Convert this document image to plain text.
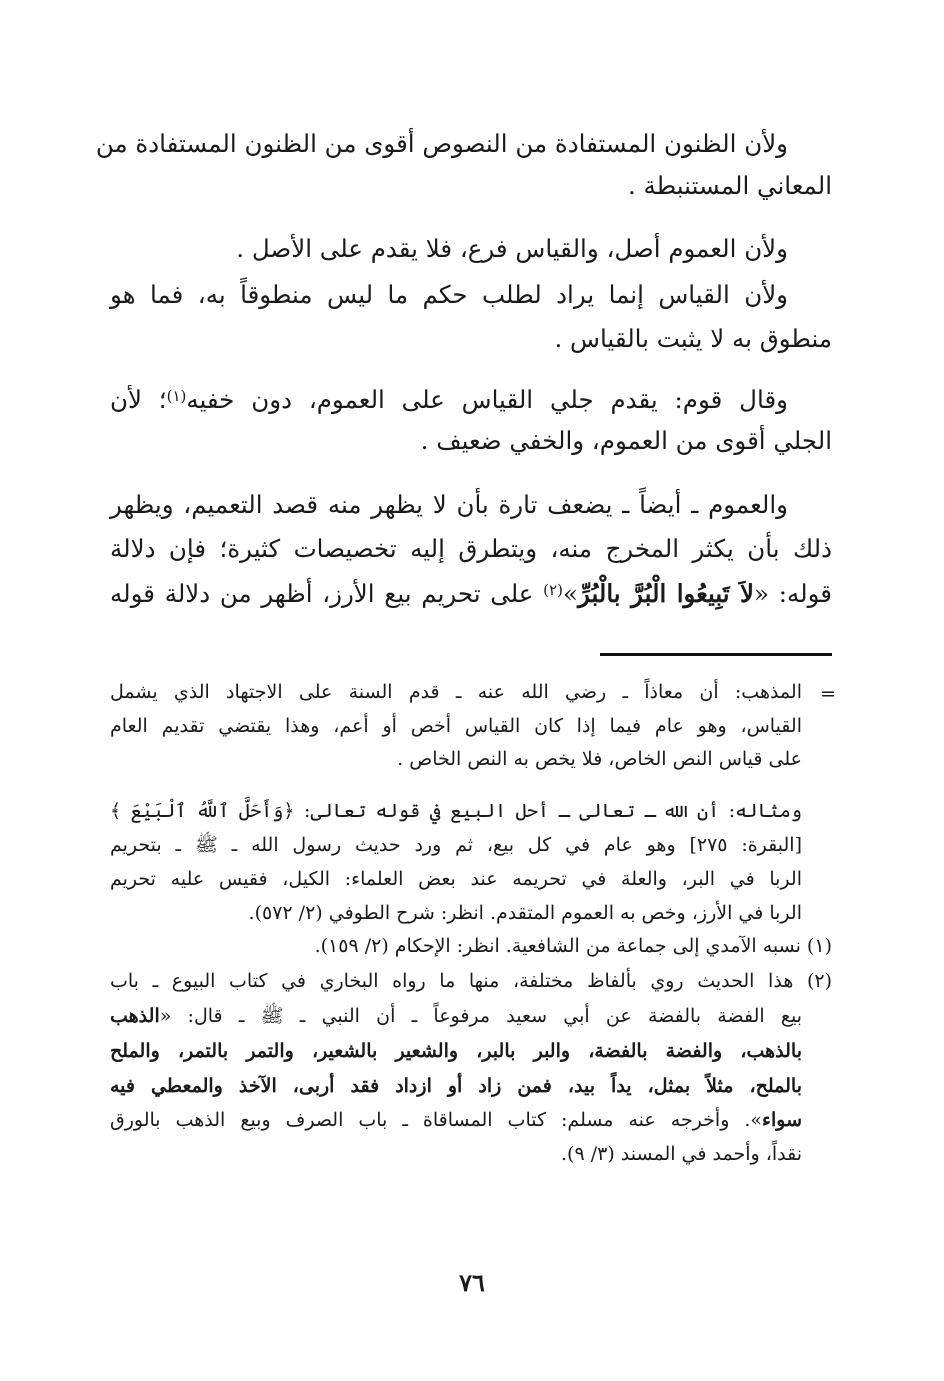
ولأن الظنون المستفادة من النصوص أقوى من الظنون المستفادة من
المعاني المستنبطة .
ولأن العموم أصل، والقياس فرع، فلا يقدم على الأصل .
ولأن القياس إنما يراد لطلب حكم ما ليس منطوقاً به، فما هو
منطوق به لا يثبت بالقياس .
وقال قوم: يقدم جلي القياس على العموم، دون خفيه$^{(١)}$؛ لأن
الجلي أقوى من العموم، والخفي ضعيف .
والعموم ـ أيضاً ـ يضعف تارة بأن لا يظهر منه قصد التعميم، ويظهر
ذلك بأن يكثر المخرج منه، ويتطرق إليه تخصيصات كثيرة؛ فإن دلالة
قوله: «لاَ تَبِيعُوا الْبُرَّ بالْبُرِّ»$^{(٢)}$ على تحريم بيع الأرز، أظهر من دلالة قوله
المذهب: أن معاذاً ـ رضي الله عنه ـ قدم السنة على الاجتهاد الذي يشمل =
القياس، وهو عام فيما إذا كان القياس أخص أو أعم، وهذا يقتضي تقديم العام
على قياس النص الخاص، فلا يخص به النص الخاص .
ومثاله: أن الله ـ تعالى ـ أحل البيع في قوله تعالى: ﴿وَأَحَلَّ ٱللَّهُ ٱلْبَيْعَ ﴾
[البقرة: ٢٧٥] وهو عام في كل بيع، ثم ورد حديث رسول الله ـ ﷺ ـ بتحريم
الربا في البر، والعلة في تحريمه عند بعض العلماء: الكيل، فقيس عليه تحريم
الربا في الأرز، وخص به العموم المتقدم. انظر: شرح الطوفي (٢/ ٥٧٢).
(١) نسبه الآمدي إلى جماعة من الشافعية. انظر: الإحكام (٢/ ١٥٩).
(٢) هذا الحديث روي بألفاظ مختلفة، منها ما رواه البخاري في كتاب البيوع ـ باب
بيع الفضة بالفضة عن أبي سعيد مرفوعاً ـ أن النبي ـ ﷺ ـ قال: «الذهب
بالذهب، والفضة بالفضة، والبر بالبر، والشعير بالشعير، والتمر بالتمر، والملح
بالملح، مثلاً بمثل، يداً بيد، فمن زاد أو ازداد فقد أربى، الآخذ والمعطي فيه
سواء». وأخرجه عنه مسلم: كتاب المساقاة ـ باب الصرف وبيع الذهب بالورق
نقداً، وأحمد في المسند (٣/ ٩).
٧٦
